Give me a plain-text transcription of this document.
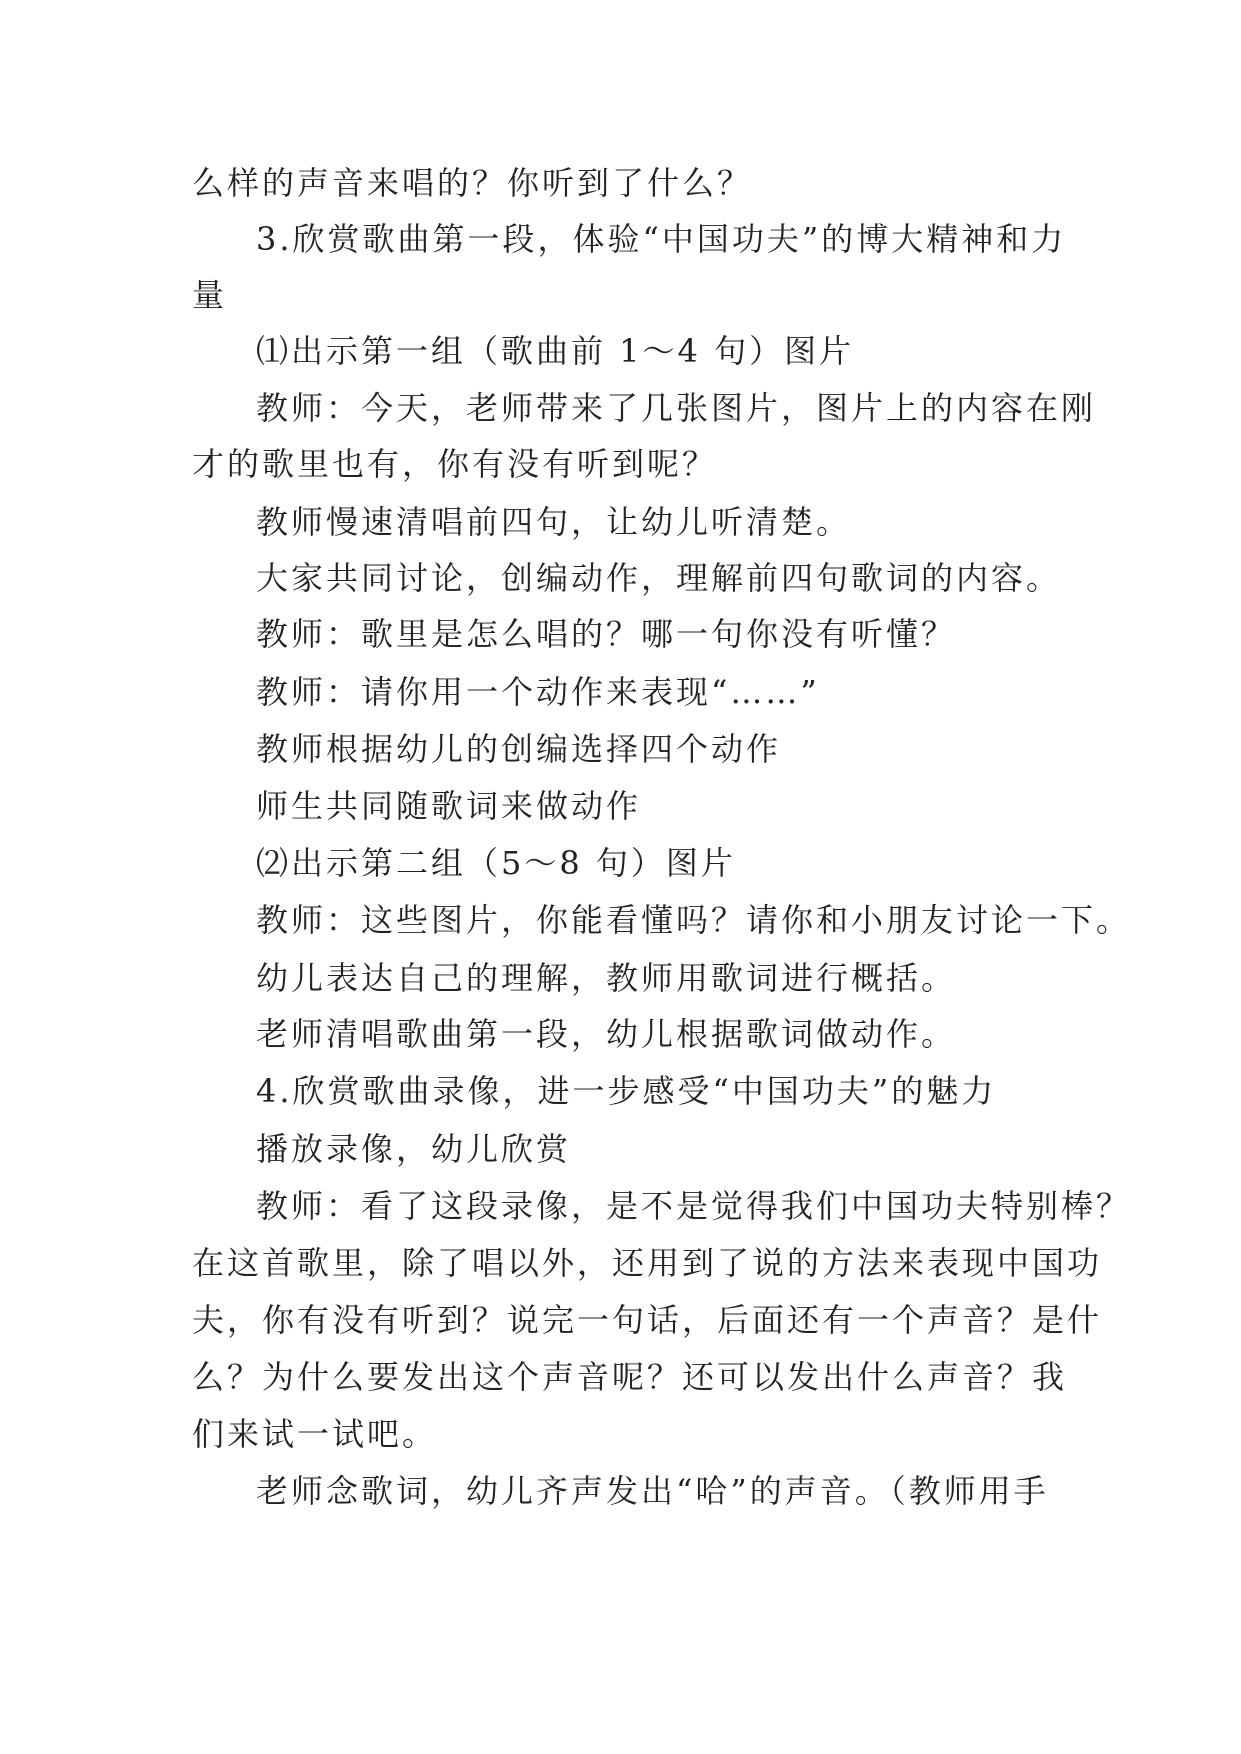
么样的声音来唱的？你听到了什么？
3.欣赏歌曲第一段，体验“中国功夫”的博大精神和力
量
⑴出示第一组（歌曲前 1～4 句）图片
教师：今天，老师带来了几张图片，图片上的内容在刚
才的歌里也有，你有没有听到呢？
教师慢速清唱前四句，让幼儿听清楚。
大家共同讨论，创编动作，理解前四句歌词的内容。
教师：歌里是怎么唱的？哪一句你没有听懂？
教师：请你用一个动作来表现“……”
教师根据幼儿的创编选择四个动作
师生共同随歌词来做动作
⑵出示第二组（5～8 句）图片
教师：这些图片，你能看懂吗？请你和小朋友讨论一下。
幼儿表达自己的理解，教师用歌词进行概括。
老师清唱歌曲第一段，幼儿根据歌词做动作。
4.欣赏歌曲录像，进一步感受“中国功夫”的魅力
播放录像，幼儿欣赏
教师：看了这段录像，是不是觉得我们中国功夫特别棒？
在这首歌里，除了唱以外，还用到了说的方法来表现中国功
夫，你有没有听到？说完一句话，后面还有一个声音？是什
么？为什么要发出这个声音呢？还可以发出什么声音？我
们来试一试吧。
老师念歌词，幼儿齐声发出“哈”的声音。（教师用手
